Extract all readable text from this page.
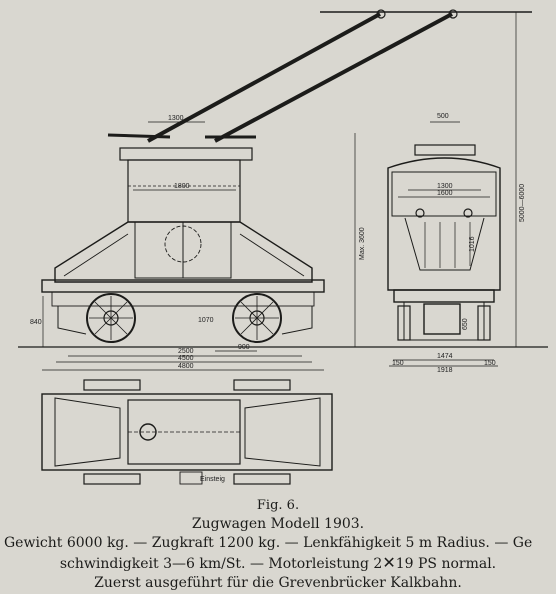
1300
1800
Max. 3600
1070
840
2500
900
4500
4800
500
1300
1600
1016
650
1474
1918
150	150
5000—6000
Einsteig
Fig. 6.
Zugwagen Modell 1903.
Gewicht 6000 kg. — Zugkraft 1200 kg. — Lenkfähigkeit 5 m Radius. — Ge
schwindigkeit 3—6 km/St. — Motorleistung 2✕19 PS normal.
Zuerst ausgeführt für die Grevenbrücker Kalkbahn.
